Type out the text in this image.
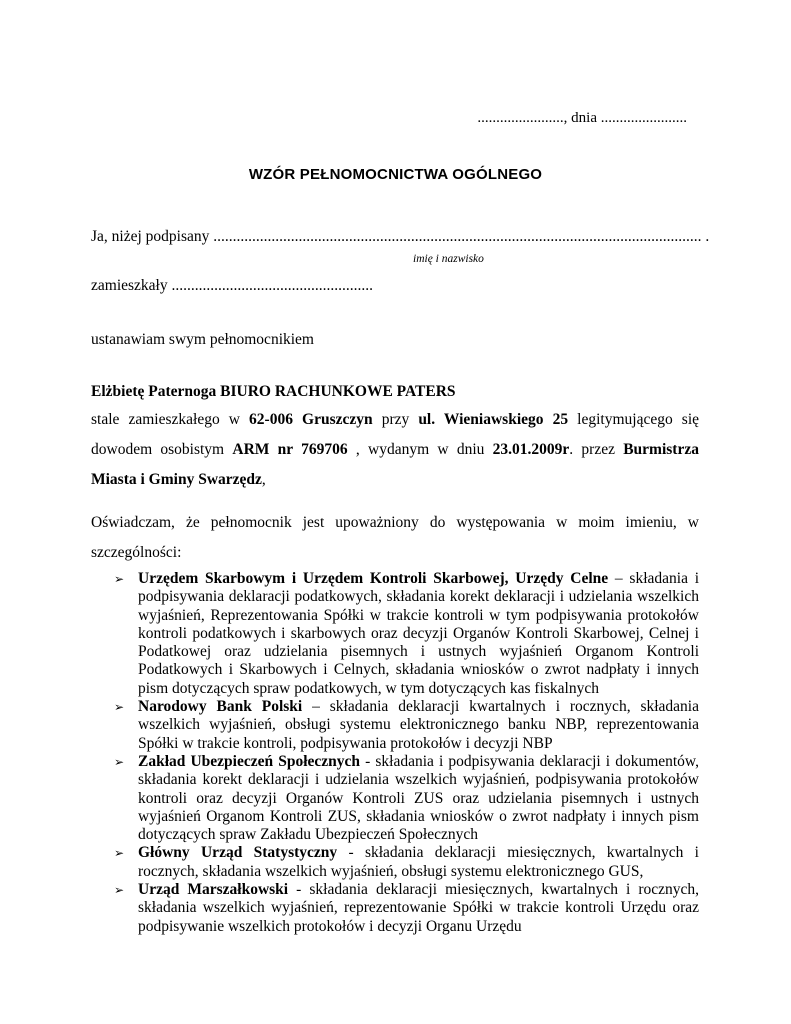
......................., dnia .......................
WZÓR PEŁNOMOCNICTWA OGÓLNEGO
Ja, niżej podpisany .............................................................................................................................. .
imię i nazwisko
zamieszkały ....................................................
ustanawiam swym pełnomocnikiem
Elżbietę Paternoga BIURO RACHUNKOWE PATERS
stale zamieszkałego w 62-006 Gruszczyn przy ul. Wieniawskiego 25 legitymującego się
dowodem osobistym ARM nr 769706 , wydanym w dniu 23.01.2009r. przez Burmistrza
Miasta i Gminy Swarzędz,
Oświadczam, że pełnomocnik jest upoważniony do występowania w moim imieniu, w
szczególności:
➢ Urzędem Skarbowym i Urzędem Kontroli Skarbowej, Urzędy Celne – składania i
podpisywania deklaracji podatkowych, składania korekt deklaracji i udzielania wszelkich
wyjaśnień, Reprezentowania Spółki w trakcie kontroli w tym podpisywania protokołów
kontroli podatkowych i skarbowych oraz decyzji Organów Kontroli Skarbowej, Celnej i
Podatkowej oraz udzielania pisemnych i ustnych wyjaśnień Organom Kontroli
Podatkowych i Skarbowych i Celnych, składania wniosków o zwrot nadpłaty i innych
pism dotyczących spraw podatkowych, w tym dotyczących kas fiskalnych
➢ Narodowy Bank Polski – składania deklaracji kwartalnych i rocznych, składania
wszelkich wyjaśnień, obsługi systemu elektronicznego banku NBP, reprezentowania
Spółki w trakcie kontroli, podpisywania protokołów i decyzji NBP
➢ Zakład Ubezpieczeń Społecznych - składania i podpisywania deklaracji i dokumentów,
składania korekt deklaracji i udzielania wszelkich wyjaśnień, podpisywania protokołów
kontroli oraz decyzji Organów Kontroli ZUS oraz udzielania pisemnych i ustnych
wyjaśnień Organom Kontroli ZUS, składania wniosków o zwrot nadpłaty i innych pism
dotyczących spraw Zakładu Ubezpieczeń Społecznych
➢ Główny Urząd Statystyczny - składania deklaracji miesięcznych, kwartalnych i
rocznych, składania wszelkich wyjaśnień, obsługi systemu elektronicznego GUS,
➢ Urząd Marszałkowski - składania deklaracji miesięcznych, kwartalnych i rocznych,
składania wszelkich wyjaśnień, reprezentowanie Spółki w trakcie kontroli Urzędu oraz
podpisywanie wszelkich protokołów i decyzji Organu Urzędu
